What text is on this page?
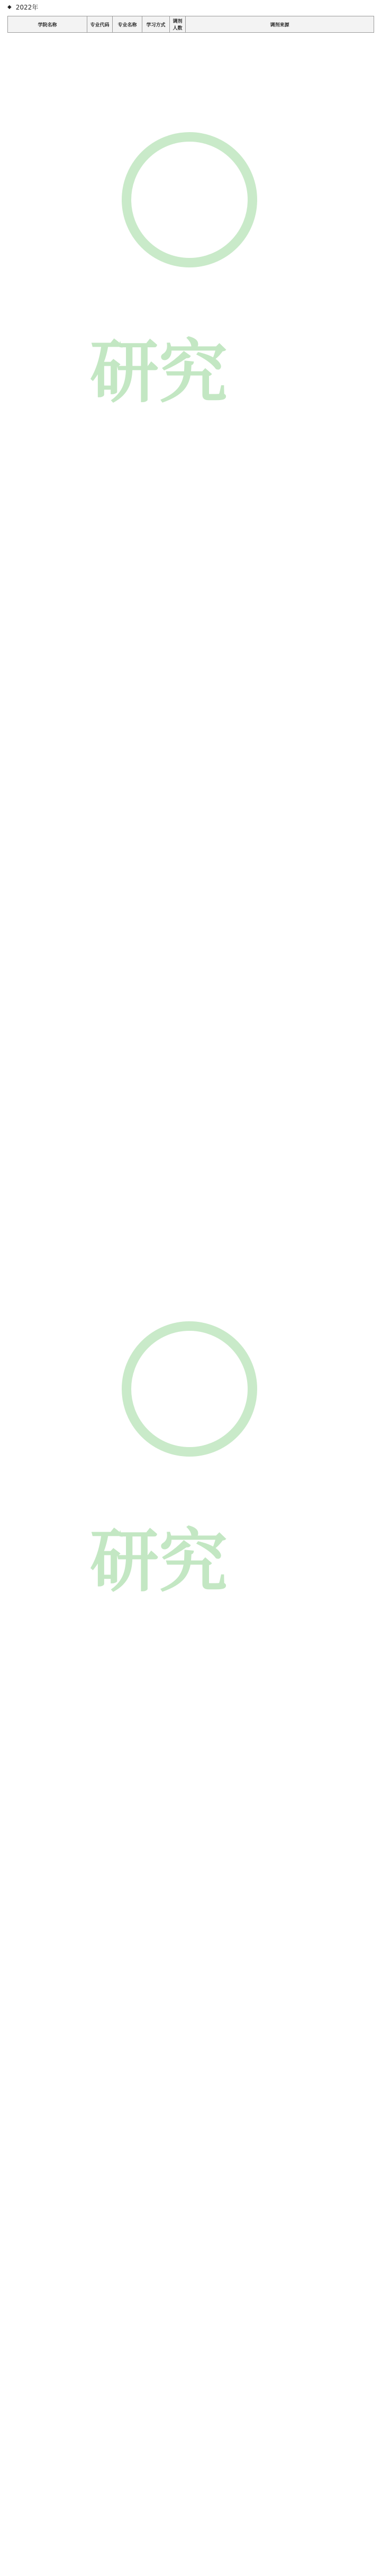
◆ 2022年
学院名称	专业代码	专业名称	学习方式	调剂人数	调剂来源
研究
研究
